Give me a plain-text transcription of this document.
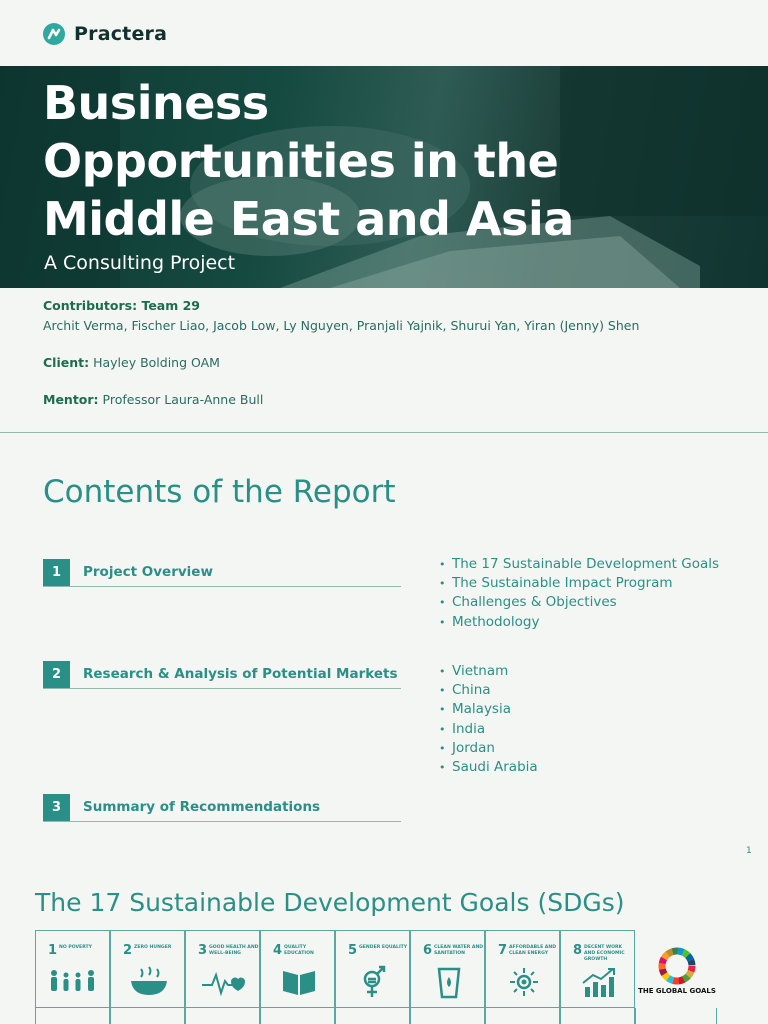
Practera
Business
Opportunities in the
Middle East and Asia
A Consulting Project
Contributors: Team 29
Archit Verma, Fischer Liao, Jacob Low, Ly Nguyen, Pranjali Yajnik, Shurui Yan, Yiran (Jenny) Shen
Client: Hayley Bolding OAM
Mentor: Professor Laura-Anne Bull
Contents of the Report
1	Project Overview	• The 17 Sustainable Development Goals
• The Sustainable Impact Program
• Challenges & Objectives
• Methodology
2	Research & Analysis of Potential Markets	• Vietnam
• China
• Malaysia
• India
• Jordan
• Saudi Arabia
3	Summary of Recommendations
1
The 17 Sustainable Development Goals (SDGs)
1 NO POVERTY	2 ZERO HUNGER	3 GOOD HEALTH AND WELL-BEING	4 QUALITY EDUCATION	5 GENDER EQUALITY 6 CLEAN WATER AND SANITATION	7 AFFORDABLE AND CLEAN ENERGY	8 DECENT WORK AND ECONOMIC GROWTH
THE GLOBAL GOALS
